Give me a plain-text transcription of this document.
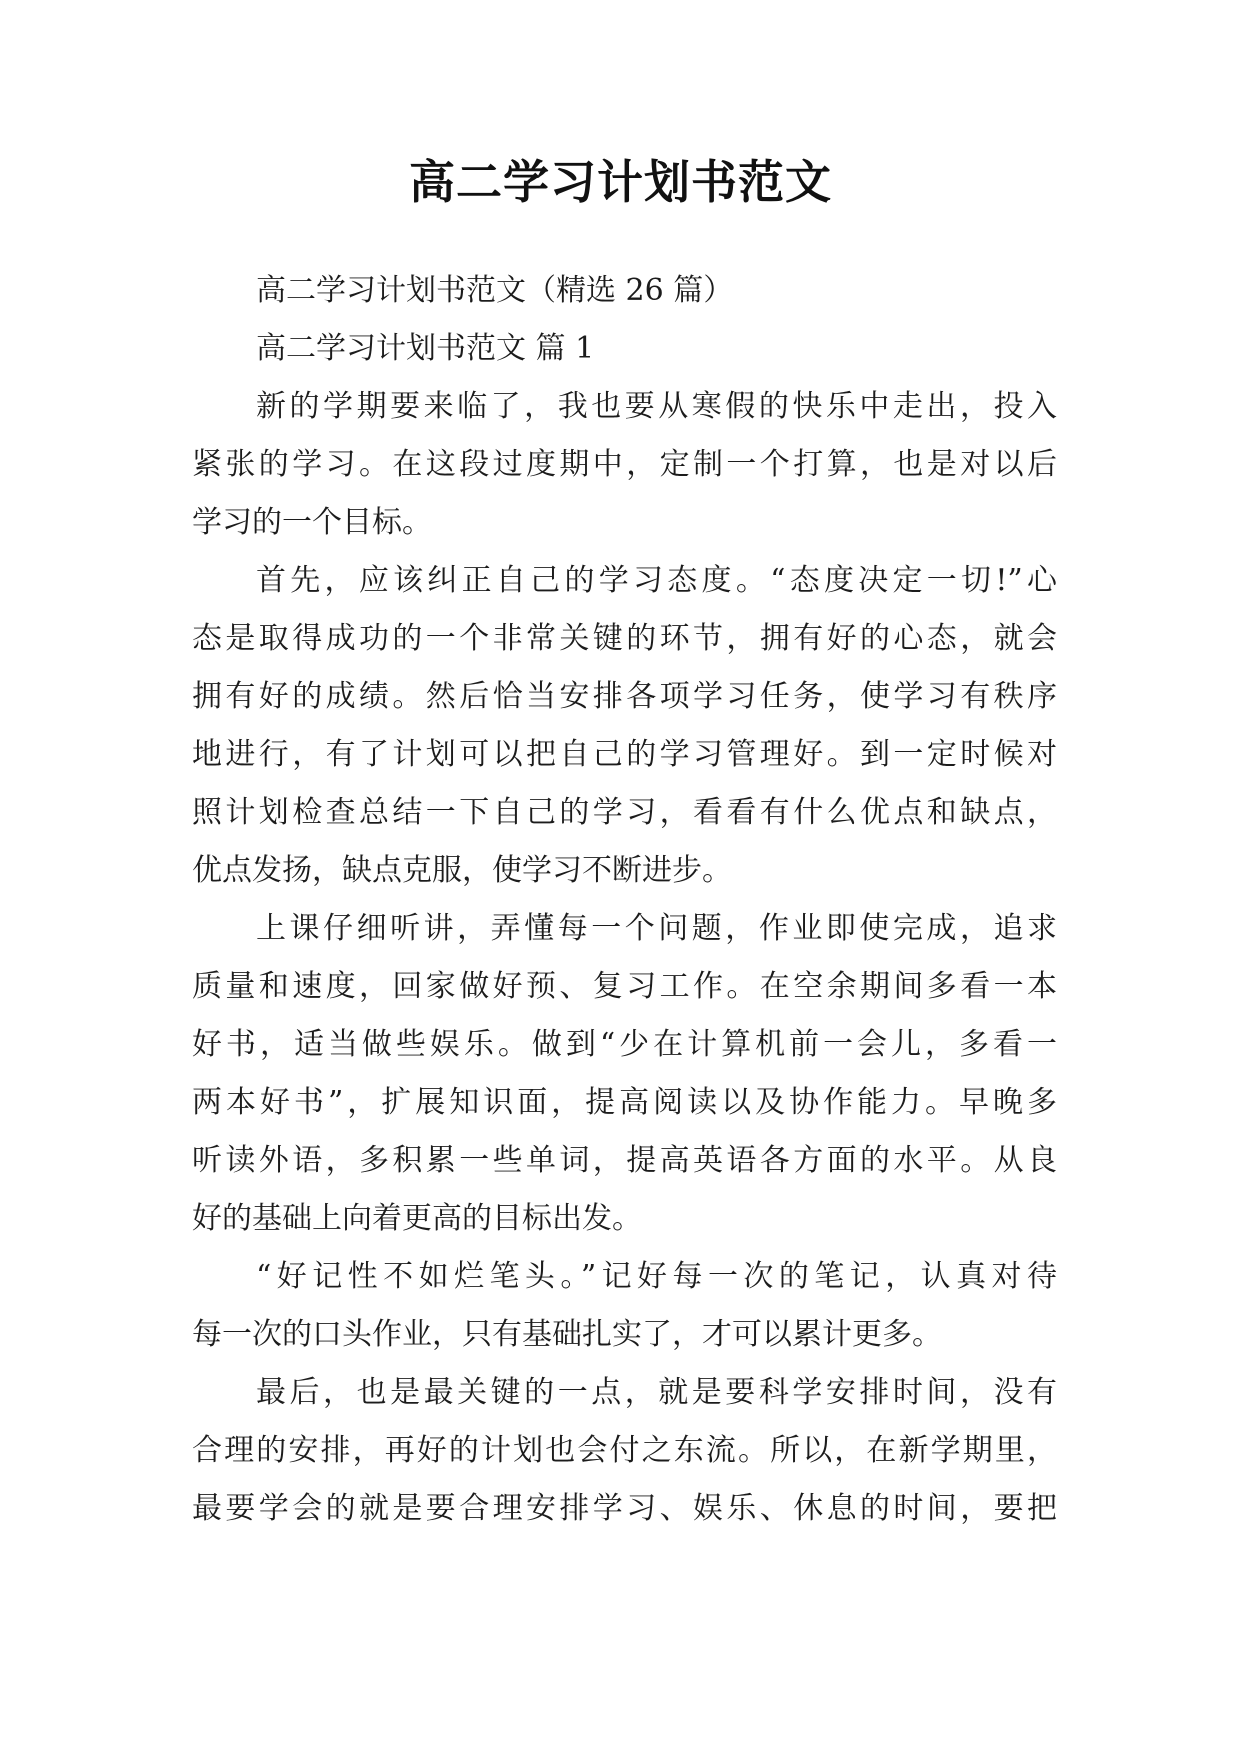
高二学习计划书范文
高二学习计划书范文（精选 26 篇）
高二学习计划书范文 篇 1
新的学期要来临了，我也要从寒假的快乐中走出，投入
紧张的学习。在这段过度期中，定制一个打算，也是对以后
学习的一个目标。
首先，应该纠正自己的学习态度。“态度决定一切!”心
态是取得成功的一个非常关键的环节，拥有好的心态，就会
拥有好的成绩。然后恰当安排各项学习任务，使学习有秩序
地进行，有了计划可以把自己的学习管理好。到一定时候对
照计划检查总结一下自己的学习，看看有什么优点和缺点，
优点发扬，缺点克服，使学习不断进步。
上课仔细听讲，弄懂每一个问题，作业即使完成，追求
质量和速度，回家做好预、复习工作。在空余期间多看一本
好书，适当做些娱乐。做到“少在计算机前一会儿，多看一
两本好书”，扩展知识面，提高阅读以及协作能力。早晚多
听读外语，多积累一些单词，提高英语各方面的水平。从良
好的基础上向着更高的目标出发。
“好记性不如烂笔头。”记好每一次的笔记，认真对待
每一次的口头作业，只有基础扎实了，才可以累计更多。
最后，也是最关键的一点，就是要科学安排时间，没有
合理的安排，再好的计划也会付之东流。所以，在新学期里，
最要学会的就是要合理安排学习、娱乐、休息的时间，要把
